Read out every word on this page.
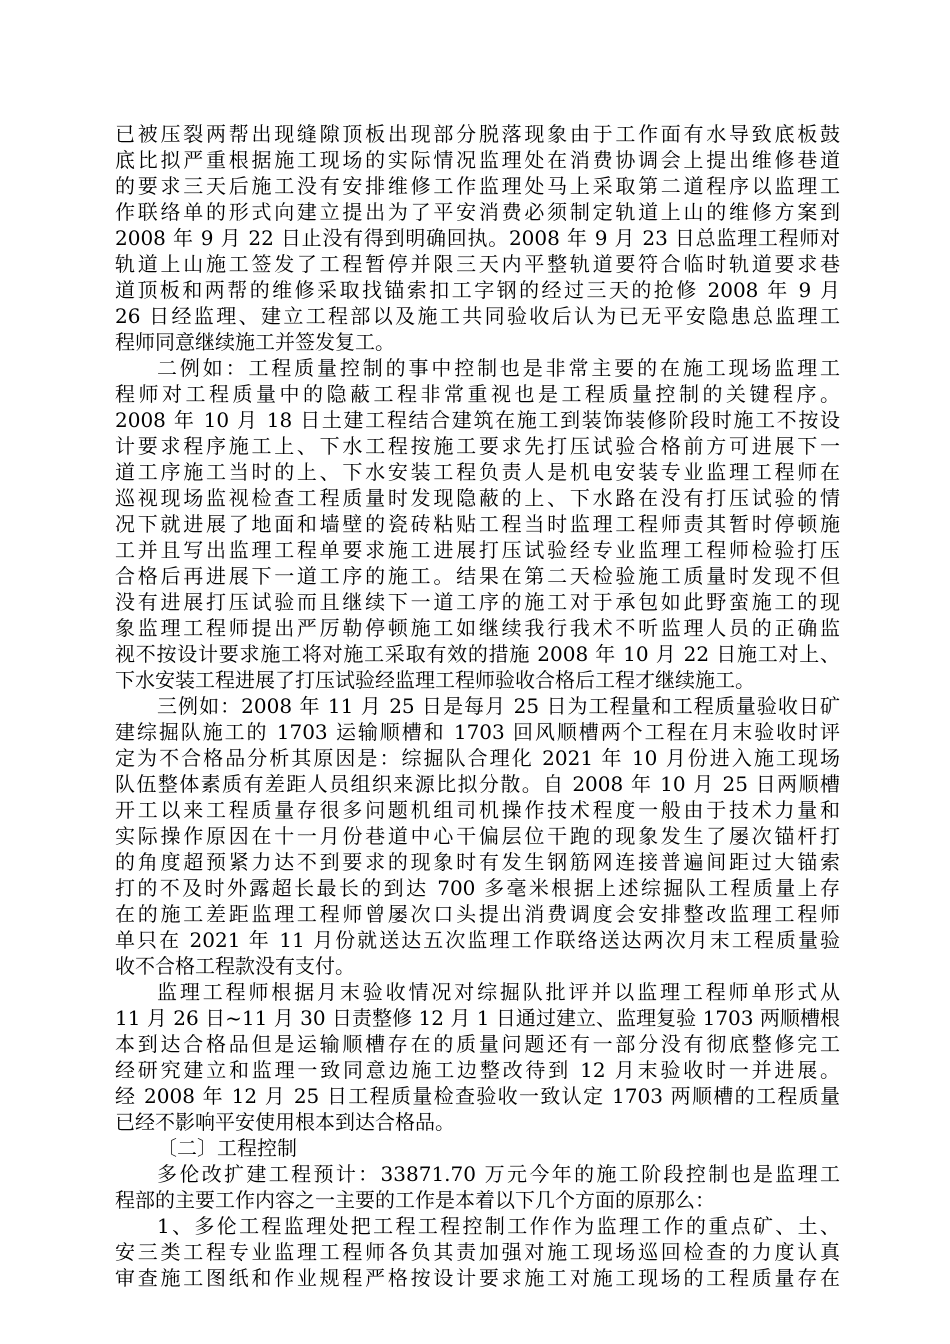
已被压裂两帮出现缝隙顶板出现部分脱落现象由于工作面有水导致底板鼓
底比拟严重根据施工现场的实际情况监理处在消费协调会上提出维修巷道
的要求三天后施工没有安排维修工作监理处马上采取第二道程序以监理工
作联络单的形式向建立提出为了平安消费必须制定轨道上山的维修方案到
2008 年 9 月 22 日止没有得到明确回执。2008 年 9 月 23 日总监理工程师对
轨道上山施工签发了工程暂停并限三天内平整轨道要符合临时轨道要求巷
道顶板和两帮的维修采取找锚索扣工字钢的经过三天的抢修 2008 年 9 月
26 日经监理、建立工程部以及施工共同验收后认为已无平安隐患总监理工
程师同意继续施工并签发复工。
二例如：工程质量控制的事中控制也是非常主要的在施工现场监理工
程师对工程质量中的隐蔽工程非常重视也是工程质量控制的关键程序。
2008 年 10 月 18 日土建工程结合建筑在施工到装饰装修阶段时施工不按设
计要求程序施工上、下水工程按施工要求先打压试验合格前方可进展下一
道工序施工当时的上、下水安装工程负责人是机电安装专业监理工程师在
巡视现场监视检查工程质量时发现隐蔽的上、下水路在没有打压试验的情
况下就进展了地面和墙壁的瓷砖粘贴工程当时监理工程师责其暂时停顿施
工并且写出监理工程单要求施工进展打压试验经专业监理工程师检验打压
合格后再进展下一道工序的施工。结果在第二天检验施工质量时发现不但
没有进展打压试验而且继续下一道工序的施工对于承包如此野蛮施工的现
象监理工程师提出严厉勒停顿施工如继续我行我术不听监理人员的正确监
视不按设计要求施工将对施工采取有效的措施 2008 年 10 月 22 日施工对上、
下水安装工程进展了打压试验经监理工程师验收合格后工程才继续施工。
三例如：2008 年 11 月 25 日是每月 25 日为工程量和工程质量验收日矿
建综掘队施工的 1703 运输顺槽和 1703 回风顺槽两个工程在月末验收时评
定为不合格品分析其原因是：综掘队合理化 2021 年 10 月份进入施工现场
队伍整体素质有差距人员组织来源比拟分散。自 2008 年 10 月 25 日两顺槽
开工以来工程质量存很多问题机组司机操作技术程度一般由于技术力量和
实际操作原因在十一月份巷道中心干偏层位干跑的现象发生了屡次锚杆打
的角度超预紧力达不到要求的现象时有发生钢筋网连接普遍间距过大锚索
打的不及时外露超长最长的到达 700 多毫米根据上述综掘队工程质量上存
在的施工差距监理工程师曾屡次口头提出消费调度会安排整改监理工程师
单只在 2021 年 11 月份就送达五次监理工作联络送达两次月末工程质量验
收不合格工程款没有支付。
监理工程师根据月末验收情况对综掘队批评并以监理工程师单形式从
11 月 26 日~11 月 30 日责整修 12 月 1 日通过建立、监理复验 1703 两顺槽根
本到达合格品但是运输顺槽存在的质量问题还有一部分没有彻底整修完工
经研究建立和监理一致同意边施工边整改待到 12 月末验收时一并进展。
经 2008 年 12 月 25 日工程质量检查验收一致认定 1703 两顺槽的工程质量
已经不影响平安使用根本到达合格品。
〔二〕工程控制
多伦改扩建工程预计：33871.70 万元今年的施工阶段控制也是监理工
程部的主要工作内容之一主要的工作是本着以下几个方面的原那么：
1、多伦工程监理处把工程工程控制工作作为监理工作的重点矿、土、
安三类工程专业监理工程师各负其责加强对施工现场巡回检查的力度认真
审查施工图纸和作业规程严格按设计要求施工对施工现场的工程质量存在
